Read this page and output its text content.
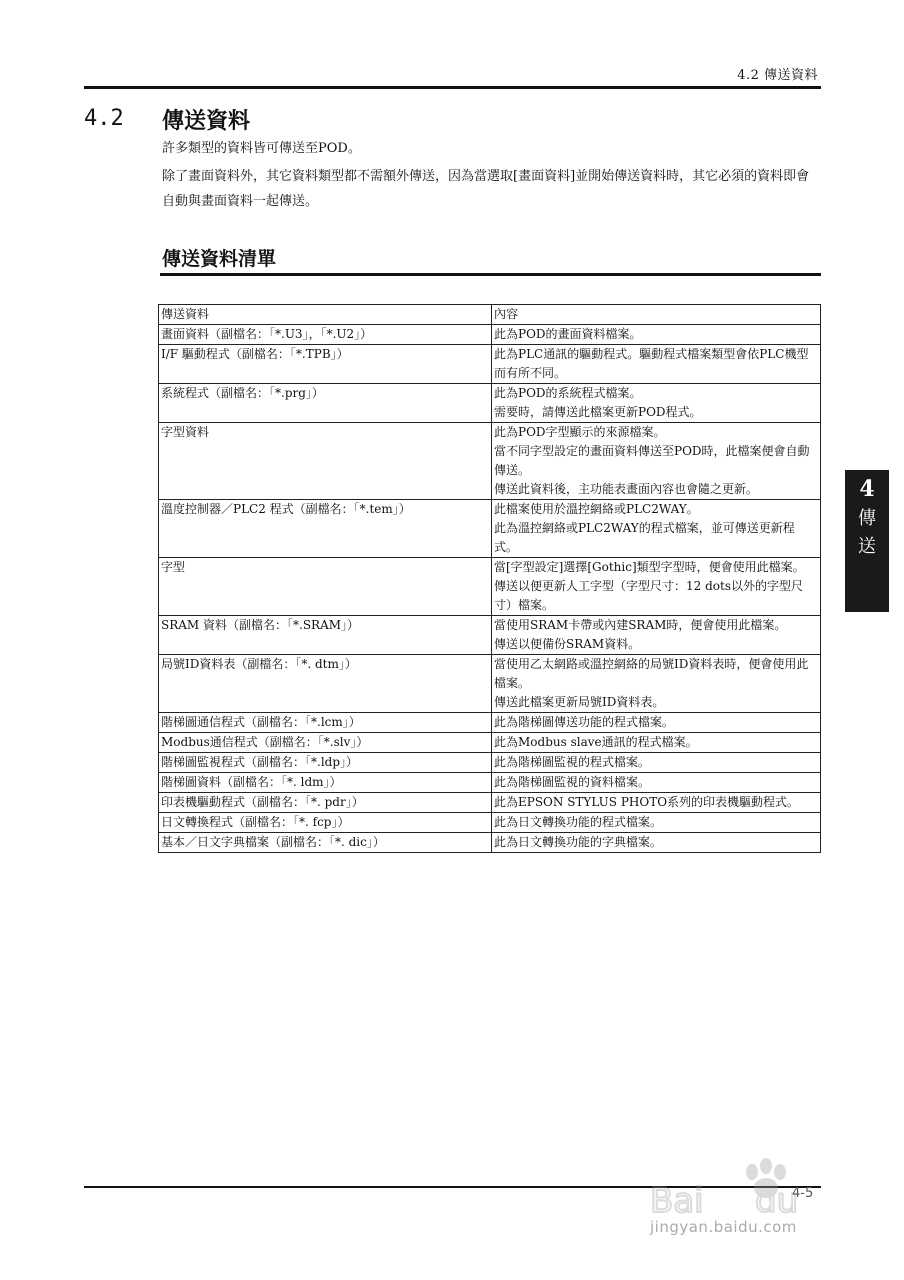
4.2 傳送資料
4.2 傳送資料
許多類型的資料皆可傳送至POD。
除了畫面資料外，其它資料類型都不需額外傳送，因為當選取[畫面資料]並開始傳送資料時，其它必須的資料即會自動與畫面資料一起傳送。
傳送資料清單
傳送資料	內容
畫面資料（副檔名：「*.U3」，「*.U2」）	此為POD的畫面資料檔案。

I/F 驅動程式（副檔名：「*.TPB」）	此為PLC通訊的驅動程式。驅動程式檔案類型會依PLC機型而有所不同。

系統程式（副檔名：「*.prg」）	此為POD的系統程式檔案。
需要時，請傳送此檔案更新POD程式。

字型資料	此為POD字型顯示的來源檔案。
當不同字型設定的畫面資料傳送至POD時，此檔案便會自動傳送。
傳送此資料後，主功能表畫面內容也會隨之更新。

溫度控制器／PLC2 程式（副檔名：「*.tem」）	此檔案使用於溫控網絡或PLC2WAY。
此為溫控網絡或PLC2WAY的程式檔案，並可傳送更新程式。

字型	當[字型設定]選擇[Gothic]類型字型時，便會使用此檔案。
傳送以便更新人工字型（字型尺寸：12 dots以外的字型尺寸）檔案。

SRAM 資料（副檔名：「*.SRAM」）	當使用SRAM卡帶或內建SRAM時，便會使用此檔案。
傳送以便備份SRAM資料。

局號ID資料表（副檔名：「*. dtm」）	當使用乙太網路或溫控網絡的局號ID資料表時，便會使用此檔案。
傳送此檔案更新局號ID資料表。

階梯圖通信程式（副檔名：「*.lcm」）	此為階梯圖傳送功能的程式檔案。

Modbus通信程式（副檔名：「*.slv」）	此為Modbus slave通訊的程式檔案。

階梯圖監視程式（副檔名：「*.ldp」）	此為階梯圖監視的程式檔案。

階梯圖資料（副檔名：「*. ldm」）	此為階梯圖監視的資料檔案。

印表機驅動程式（副檔名：「*. pdr」）	此為EPSON STYLUS PHOTO系列的印表機驅動程式。

日文轉換程式（副檔名：「*. fcp」）	此為日文轉換功能的程式檔案。

基本／日文字典檔案（副檔名：「*. dic」）	此為日文轉換功能的字典檔案。
4
傳
送
Bai du
4-5
jingyan.baidu.com
